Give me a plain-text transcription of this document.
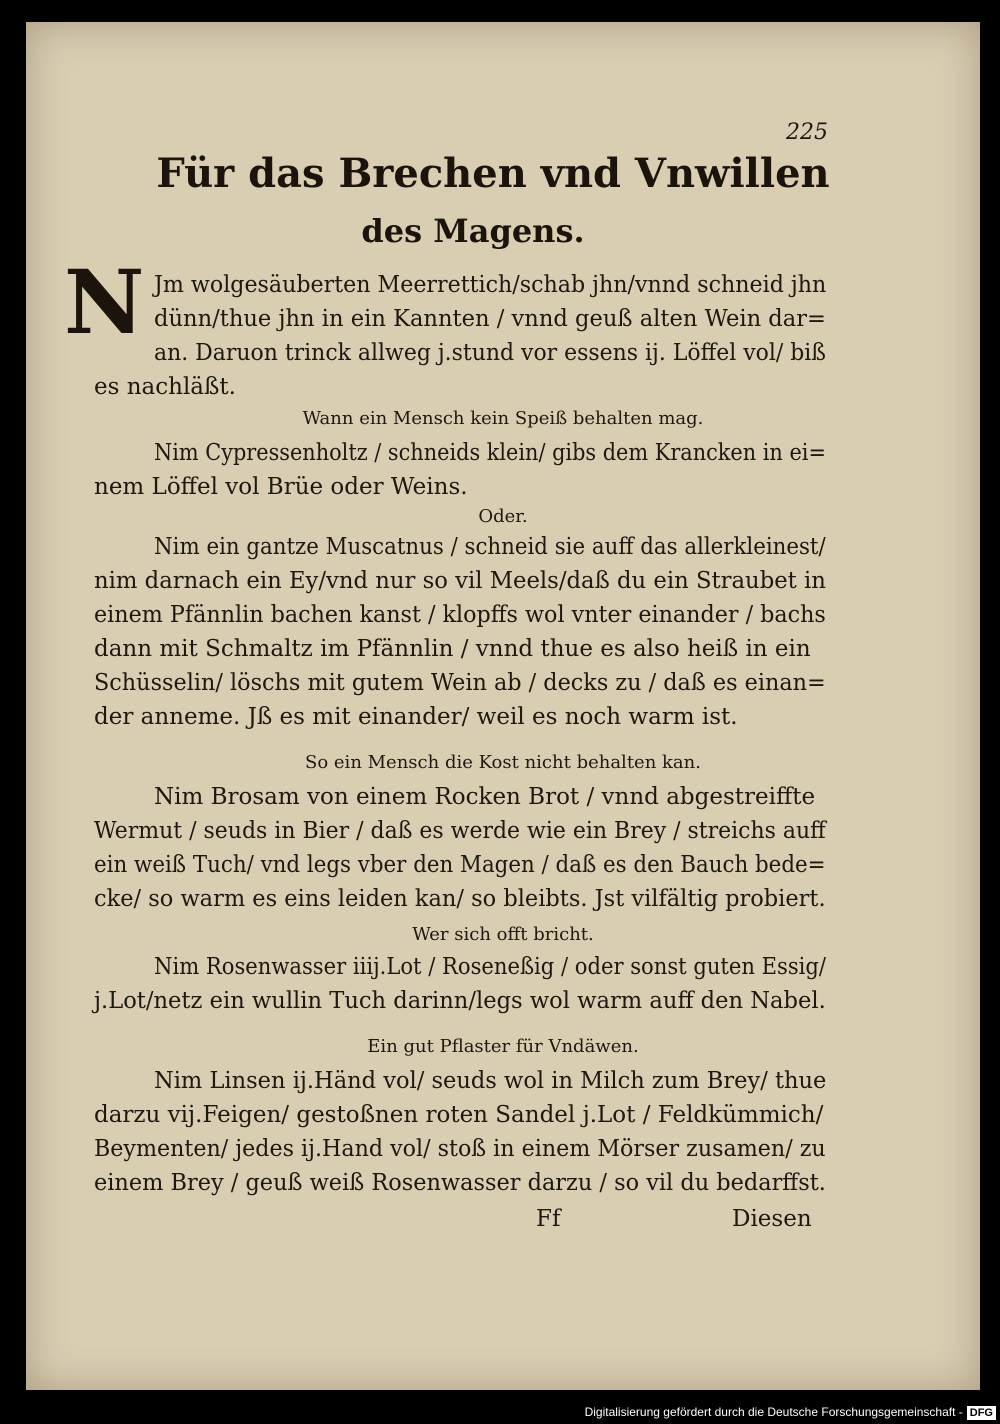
225
Für das Brechen vnd Vnwillen
des Magens.
N Jm wolgesäuberten Meerrettich/schab jhn/vnnd schneid jhn
dünn/thue jhn in ein Kannten / vnnd geuß alten Wein dar=
an. Daruon trinck allweg j.stund vor essens ij. Löffel vol/ biß
es nachläßt.
Wann ein Mensch kein Speiß behalten mag.
Nim Cypressenholtz / schneids klein/ gibs dem Krancken in ei=
nem Löffel vol Brüe oder Weins.
Oder.
Nim ein gantze Muscatnus / schneid sie auff das allerkleinest/
nim darnach ein Ey/vnd nur so vil Meels/daß du ein Straubet in
einem Pfännlin bachen kanst / klopffs wol vnter einander / bachs
dann mit Schmaltz im Pfännlin / vnnd thue es also heiß in ein
Schüsselin/ löschs mit gutem Wein ab / decks zu / daß es einan=
der anneme. Jß es mit einander/ weil es noch warm ist.
So ein Mensch die Kost nicht behalten kan.
Nim Brosam von einem Rocken Brot / vnnd abgestreiffte
Wermut / seuds in Bier / daß es werde wie ein Brey / streichs auff
ein weiß Tuch/ vnd legs vber den Magen / daß es den Bauch bede=
cke/ so warm es eins leiden kan/ so bleibts. Jst vilfältig probiert.
Wer sich offt bricht.
Nim Rosenwasser iiij.Lot / Roseneßig / oder sonst guten Essig/
j.Lot/netz ein wullin Tuch darinn/legs wol warm auff den Nabel.
Ein gut Pflaster für Vndäwen.
Nim Linsen ij.Händ vol/ seuds wol in Milch zum Brey/ thue
darzu vij.Feigen/ gestoßnen roten Sandel j.Lot / Feldkümmich/
Beymenten/ jedes ij.Hand vol/ stoß in einem Mörser zusamen/ zu
einem Brey / geuß weiß Rosenwasser darzu / so vil du bedarffst.
Ff	Diesen
Digitalisierung gefördert durch die Deutsche Forschungsgemeinschaft - DFG
